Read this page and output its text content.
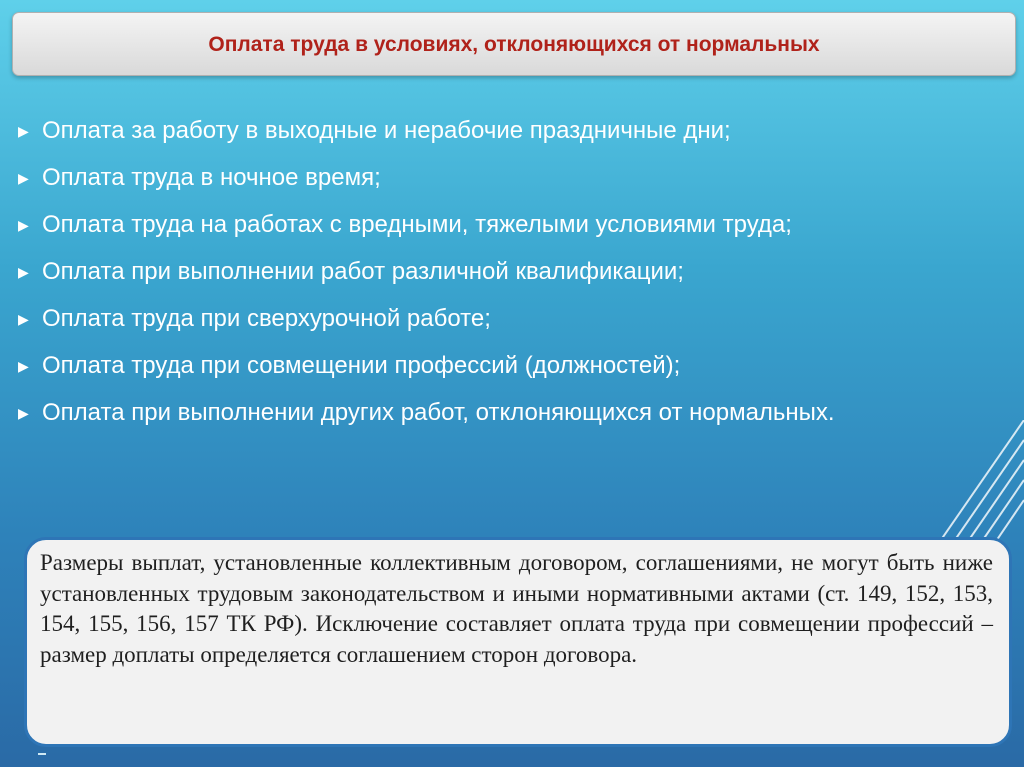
Оплата труда в условиях, отклоняющихся от нормальных
▶ Оплата за работу в выходные и нерабочие праздничные дни;
▶ Оплата труда в ночное время;
▶ Оплата труда на работах с вредными, тяжелыми условиями труда;
▶ Оплата при выполнении работ различной квалификации;
▶ Оплата труда при сверхурочной работе;
▶ Оплата труда при совмещении профессий (должностей);
▶ Оплата при выполнении других работ, отклоняющихся от нормальных.
Размеры выплат, установленные коллективным договором, соглашениями, не могут быть ниже установленных трудовым законодательством и иными нормативными актами (ст. 149, 152, 153, 154, 155, 156, 157 ТК РФ). Исключение составляет оплата труда при совмещении профессий – размер доплаты определяется соглашением сторон договора.
